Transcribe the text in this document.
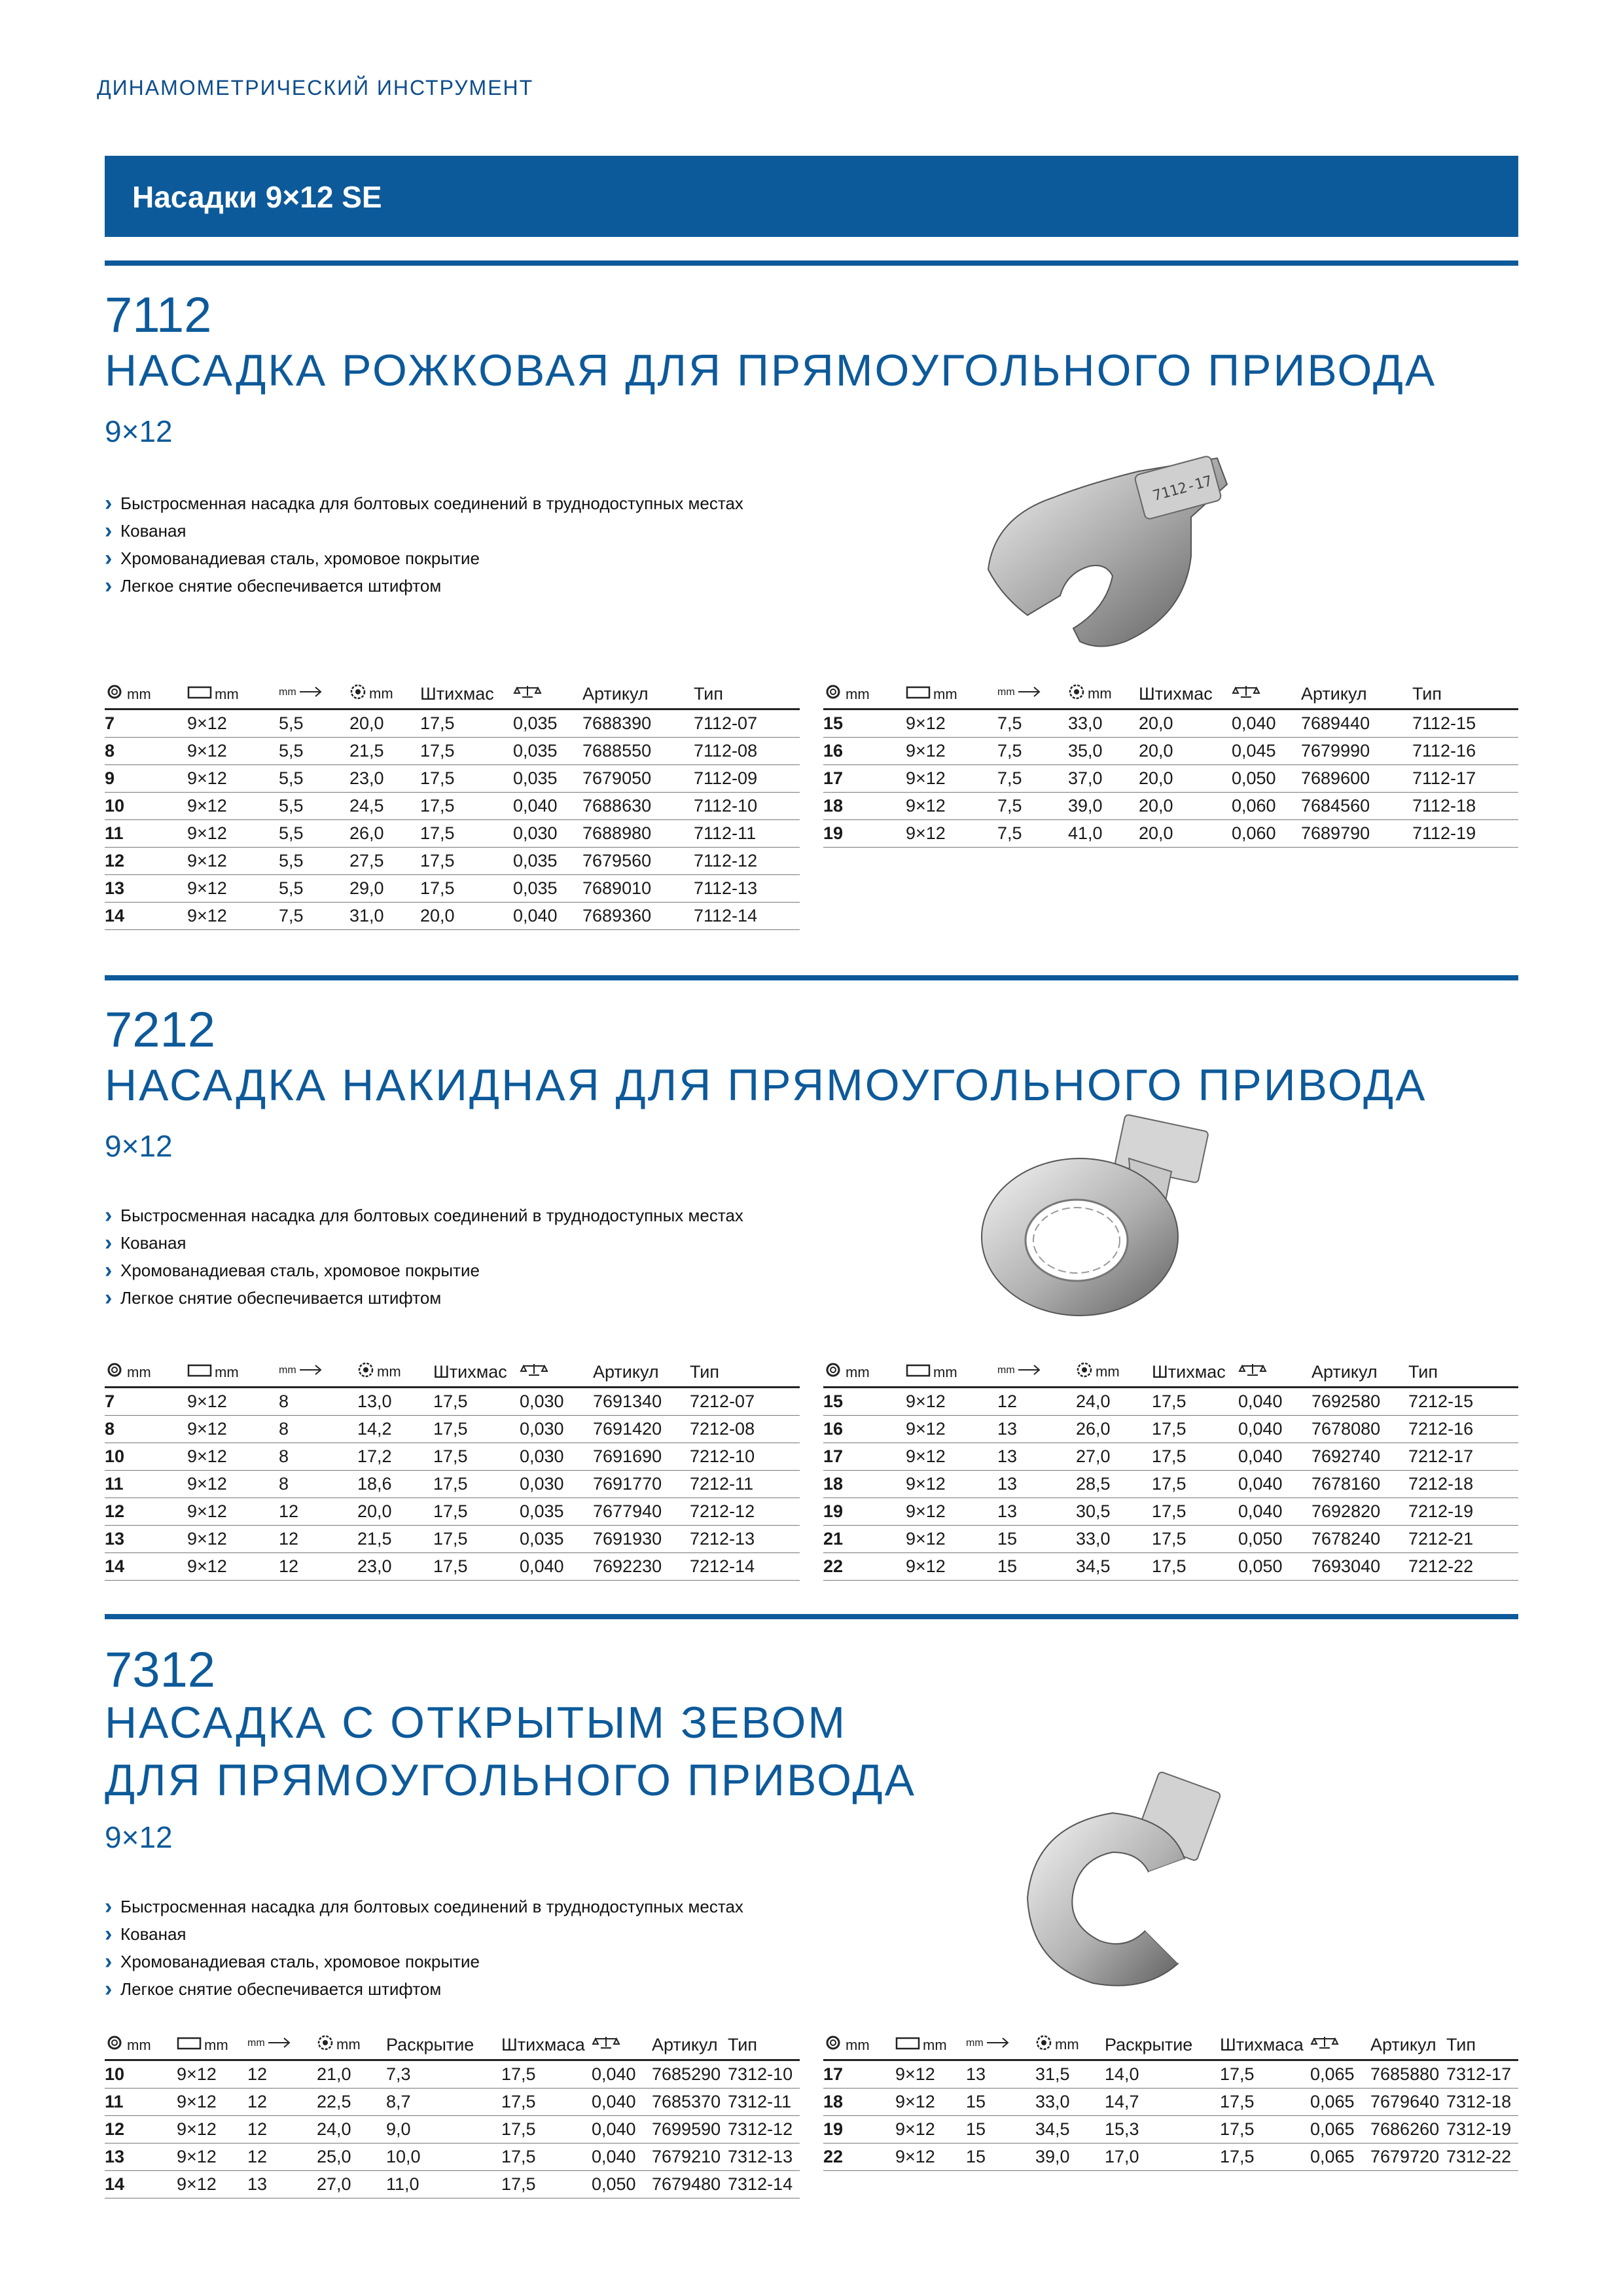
ДИНАМОМЕТРИЧЕСКИЙ ИНСТРУМЕНТ
Насадки 9×12 SE
7112
НАСАДКА РОЖКОВАЯ ДЛЯ ПРЯМОУГОЛЬНОГО ПРИВОДА
9×12
› Быстросменная насадка для болтовых соединений в труднодоступных местах
› Кованая
› Хромованадиевая сталь, хромовое покрытие
› Легкое снятие обеспечивается штифтом
7112-17
mm	mm	mm	mm	Штихмас		Артикул	Тип
7	9×12	5,5	20,0	17,5	0,035	7688390	7112-07
8	9×12	5,5	21,5	17,5	0,035	7688550	7112-08
9	9×12	5,5	23,0	17,5	0,035	7679050	7112-09
10	9×12	5,5	24,5	17,5	0,040	7688630	7112-10
11	9×12	5,5	26,0	17,5	0,030	7688980	7112-11
12	9×12	5,5	27,5	17,5	0,035	7679560	7112-12
13	9×12	5,5	29,0	17,5	0,035	7689010	7112-13
14	9×12	7,5	31,0	20,0	0,040	7689360	7112-14
mm	mm	mm	mm	Штихмас		Артикул	Тип
15	9×12	7,5	33,0	20,0	0,040	7689440	7112-15
16	9×12	7,5	35,0	20,0	0,045	7679990	7112-16
17	9×12	7,5	37,0	20,0	0,050	7689600	7112-17
18	9×12	7,5	39,0	20,0	0,060	7684560	7112-18
19	9×12	7,5	41,0	20,0	0,060	7689790	7112-19
7212
НАСАДКА НАКИДНАЯ ДЛЯ ПРЯМОУГОЛЬНОГО ПРИВОДА
9×12
› Быстросменная насадка для болтовых соединений в труднодоступных местах
› Кованая
› Хромованадиевая сталь, хромовое покрытие
› Легкое снятие обеспечивается штифтом
mm	mm	mm	mm	Штихмас		Артикул	Тип
7	9×12	8	13,0	17,5	0,030	7691340	7212-07
8	9×12	8	14,2	17,5	0,030	7691420	7212-08
10	9×12	8	17,2	17,5	0,030	7691690	7212-10
11	9×12	8	18,6	17,5	0,030	7691770	7212-11
12	9×12	12	20,0	17,5	0,035	7677940	7212-12
13	9×12	12	21,5	17,5	0,035	7691930	7212-13
14	9×12	12	23,0	17,5	0,040	7692230	7212-14
mm	mm	mm	mm	Штихмас		Артикул	Тип
15	9×12	12	24,0	17,5	0,040	7692580	7212-15
16	9×12	13	26,0	17,5	0,040	7678080	7212-16
17	9×12	13	27,0	17,5	0,040	7692740	7212-17
18	9×12	13	28,5	17,5	0,040	7678160	7212-18
19	9×12	13	30,5	17,5	0,040	7692820	7212-19
21	9×12	15	33,0	17,5	0,050	7678240	7212-21
22	9×12	15	34,5	17,5	0,050	7693040	7212-22
7312
НАСАДКА С ОТКРЫТЫМ ЗЕВОМ
ДЛЯ ПРЯМОУГОЛЬНОГО ПРИВОДА
9×12
› Быстросменная насадка для болтовых соединений в труднодоступных местах
› Кованая
› Хромованадиевая сталь, хромовое покрытие
› Легкое снятие обеспечивается штифтом
mm	mm	mm	mm	Раскрытие	Штихмаса		Артикул	Тип
10	9×12	12	21,0	7,3	17,5	0,040	7685290	7312-10
11	9×12	12	22,5	8,7	17,5	0,040	7685370	7312-11
12	9×12	12	24,0	9,0	17,5	0,040	7699590	7312-12
13	9×12	12	25,0	10,0	17,5	0,040	7679210	7312-13
14	9×12	13	27,0	11,0	17,5	0,050	7679480	7312-14
mm	mm	mm	mm	Раскрытие	Штихмаса		Артикул	Тип
17	9×12	13	31,5	14,0	17,5	0,065	7685880	7312-17
18	9×12	15	33,0	14,7	17,5	0,065	7679640	7312-18
19	9×12	15	34,5	15,3	17,5	0,065	7686260	7312-19
22	9×12	15	39,0	17,0	17,5	0,065	7679720	7312-22
